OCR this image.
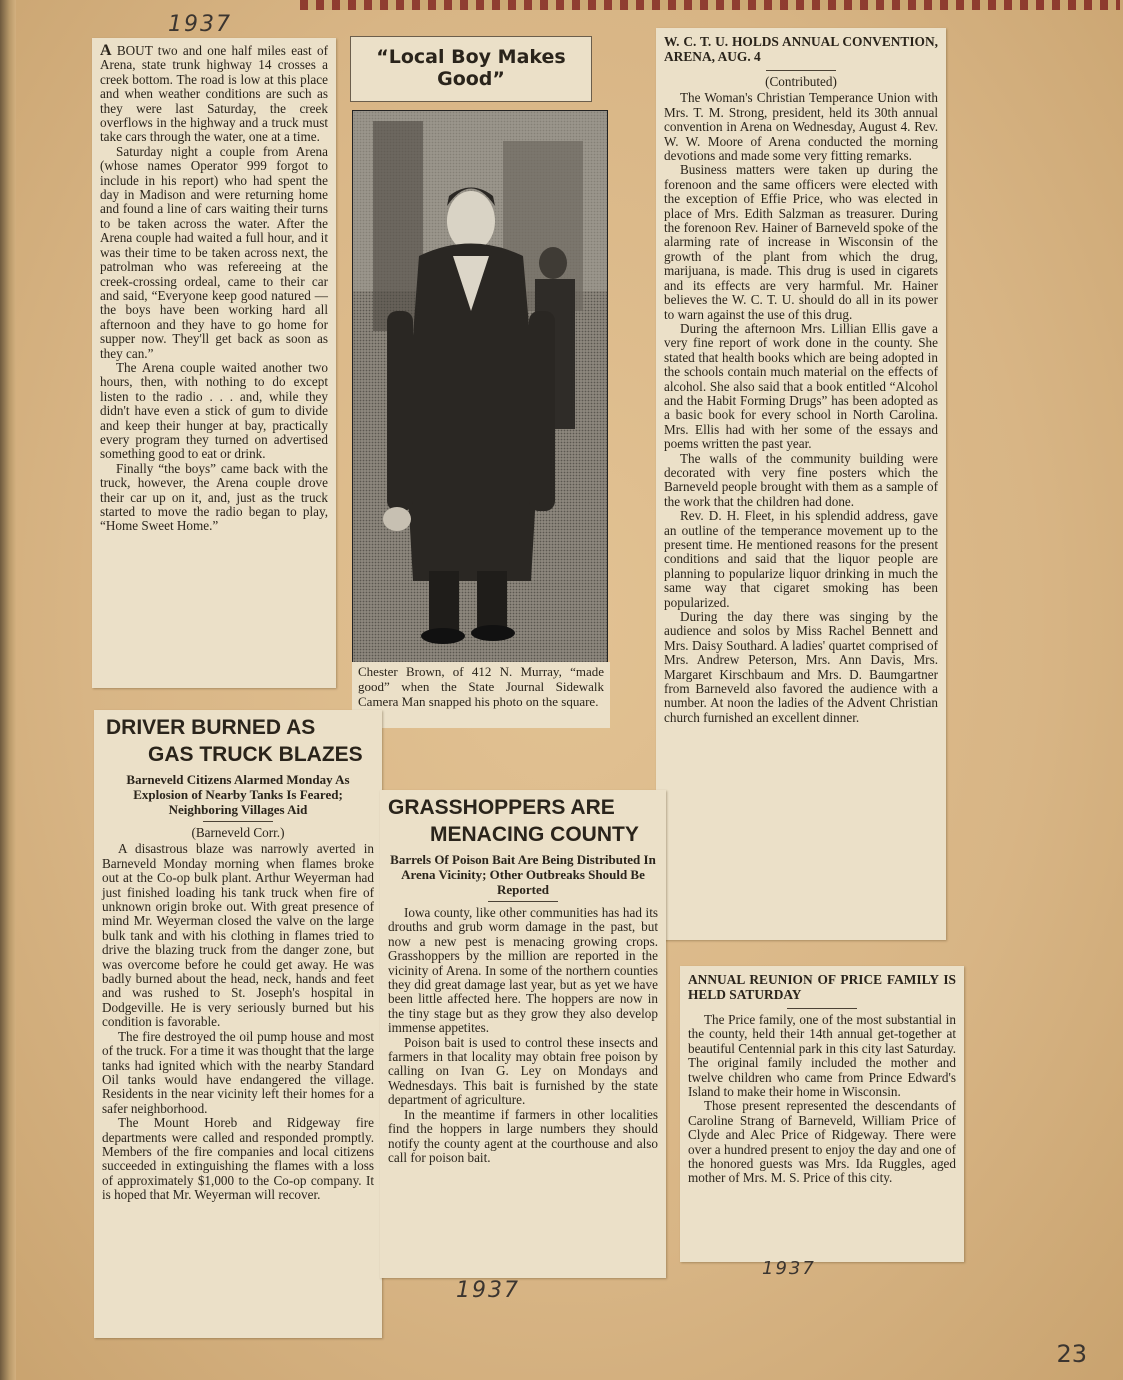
1937

A BOUT two and one half miles east of Arena, state trunk highway 14 crosses a creek bottom. The road is low at this place and when weather conditions are such as they were last Saturday, the creek overflows in the highway and a truck must take cars through the water, one at a time.

Saturday night a couple from Arena (whose names Operator 999 forgot to include in his report) who had spent the day in Madison and were returning home and found a line of cars waiting their turns to be taken across the water. After the Arena couple had waited a full hour, and it was their time to be taken across next, the patrolman who was refereeing at the creek-crossing ordeal, came to their car and said, “Everyone keep good natured — the boys have been working hard all afternoon and they have to go home for supper now. They'll get back as soon as they can.”

The Arena couple waited another two hours, then, with nothing to do except listen to the radio . . . and, while they didn't have even a stick of gum to divide and keep their hunger at bay, practically every program they turned on advertised something good to eat or drink.

Finally “the boys” came back with the truck, however, the Arena couple drove their car up on it, and, just as the truck started to move the radio began to play, “Home Sweet Home.”

“Local Boy Makes Good”
Chester Brown, of 412 N. Murray, “made good” when the State Journal Sidewalk Camera Man snapped his photo on the square.
W. C. T. U. HOLDS ANNUAL CONVENTION, ARENA, AUG. 4
(Contributed)

The Woman's Christian Temperance Union with Mrs. T. M. Strong, president, held its 30th annual convention in Arena on Wednesday, August 4. Rev. W. W. Moore of Arena conducted the morning devotions and made some very fitting remarks.

Business matters were taken up during the forenoon and the same officers were elected with the exception of Effie Price, who was elected in place of Mrs. Edith Salzman as treasurer. During the forenoon Rev. Hainer of Barneveld spoke of the alarming rate of increase in Wisconsin of the growth of the plant from which the drug, marijuana, is made. This drug is used in cigarets and its effects are very harmful. Mr. Hainer believes the W. C. T. U. should do all in its power to warn against the use of this drug.

During the afternoon Mrs. Lillian Ellis gave a very fine report of work done in the county. She stated that health books which are being adopted in the schools contain much material on the effects of alcohol. She also said that a book entitled “Alcohol and the Habit Forming Drugs” has been adopted as a basic book for every school in North Carolina. Mrs. Ellis had with her some of the essays and poems written the past year.

The walls of the community building were decorated with very fine posters which the Barneveld people brought with them as a sample of the work that the children had done.

Rev. D. H. Fleet, in his splendid address, gave an outline of the temperance movement up to the present time. He mentioned reasons for the present conditions and said that the liquor people are planning to popularize liquor drinking in much the same way that cigaret smoking has been popularized.

During the day there was singing by the audience and solos by Miss Rachel Bennett and Mrs. Daisy Southard. A ladies' quartet comprised of Mrs. Andrew Peterson, Mrs. Ann Davis, Mrs. Margaret Kirschbaum and Mrs. D. Baumgartner from Barneveld also favored the audience with a number. At noon the ladies of the Advent Christian church furnished an excellent dinner.

DRIVER BURNED AS
GAS TRUCK BLAZES
Barneveld Citizens Alarmed Monday As Explosion of Nearby Tanks Is Feared; Neighboring Villages Aid
(Barneveld Corr.)

A disastrous blaze was narrowly averted in Barneveld Monday morning when flames broke out at the Co-op bulk plant. Arthur Weyerman had just finished loading his tank truck when fire of unknown origin broke out. With great presence of mind Mr. Weyerman closed the valve on the large bulk tank and with his clothing in flames tried to drive the blazing truck from the danger zone, but was overcome before he could get away. He was badly burned about the head, neck, hands and feet and was rushed to St. Joseph's hospital in Dodgeville. He is very seriously burned but his condition is favorable.

The fire destroyed the oil pump house and most of the truck. For a time it was thought that the large tanks had ignited which with the nearby Standard Oil tanks would have endangered the village. Residents in the near vicinity left their homes for a safer neighborhood.

The Mount Horeb and Ridgeway fire departments were called and responded promptly. Members of the fire companies and local citizens succeeded in extinguishing the flames with a loss of approximately $1,000 to the Co-op company. It is hoped that Mr. Weyerman will recover.

GRASSHOPPERS ARE
MENACING COUNTY
Barrels Of Poison Bait Are Being Distributed In Arena Vicinity; Other Outbreaks Should Be Reported

Iowa county, like other communities has had its drouths and grub worm damage in the past, but now a new pest is menacing growing crops. Grasshoppers by the million are reported in the vicinity of Arena. In some of the northern counties they did great damage last year, but as yet we have been little affected here. The hoppers are now in the tiny stage but as they grow they also develop immense appetites.

Poison bait is used to control these insects and farmers in that locality may obtain free poison by calling on Ivan G. Ley on Mondays and Wednesdays. This bait is furnished by the state department of agriculture.

In the meantime if farmers in other localities find the hoppers in large numbers they should notify the county agent at the courthouse and also call for poison bait.

1937
ANNUAL REUNION OF PRICE FAMILY IS HELD SATURDAY

The Price family, one of the most substantial in the county, held their 14th annual get-together at beautiful Centennial park in this city last Saturday. The original family included the mother and twelve children who came from Prince Edward's Island to make their home in Wisconsin.

Those present represented the descendants of Caroline Strang of Barneveld, William Price of Clyde and Alec Price of Ridgeway. There were over a hundred present to enjoy the day and one of the honored guests was Mrs. Ida Ruggles, aged mother of Mrs. M. S. Price of this city.

1937
23
